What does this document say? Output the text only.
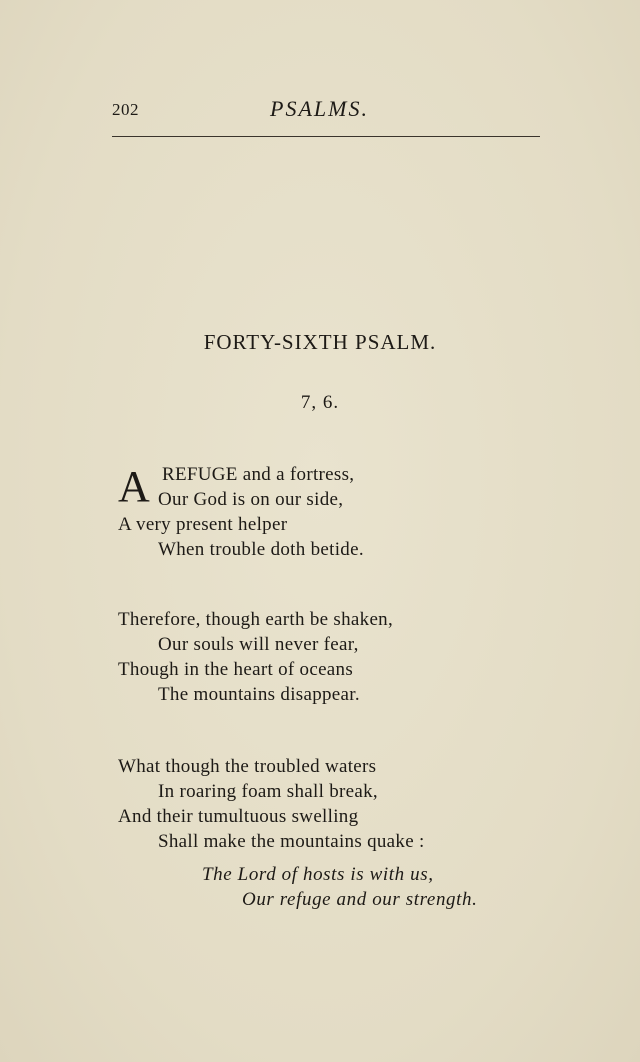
202	PSALMS.
FORTY-SIXTH PSALM.
7, 6.
A REFUGE and a fortress,
Our God is on our side,
A very present helper
When trouble doth betide.
Therefore, though earth be shaken,
Our souls will never fear,
Though in the heart of oceans
The mountains disappear.
What though the troubled waters
In roaring foam shall break,
And their tumultuous swelling
Shall make the mountains quake :
The Lord of hosts is with us,
Our refuge and our strength.
